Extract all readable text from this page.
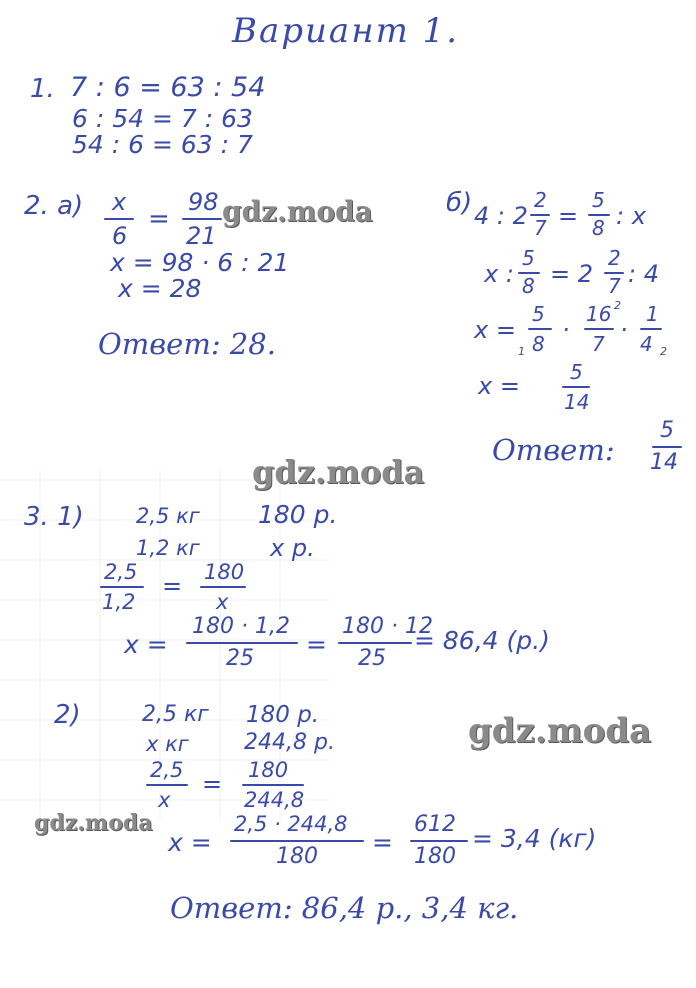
Вариант 1.
1. 7 : 6 = 63 : 54
6 : 54 = 7 : 63
54 : 6 = 63 : 7
2. а) x
6
=
98
21
x = 98 · 6 : 21
x = 28
Ответ: 28.
б) 4 : 2
2
7 =
5
8 : x
x :
5
8 = 2
2
7 : 4
x =
5
8
1
·
16 2
7 ·
1
4 2
x =	5
14
Ответ:
5
14
3. 1) 2,5 кг 180 р.
1,2 кг	x р.
2,5
1,2
= 180
x
x =
180 · 1,2
25 =
180 · 12
25
= 86,4 (р.)
2)	2,5 кг 180 р.
x кг	244,8 р.
2,5
x
= 180
244,8
x =
2,5 · 244,8
180 =
612
180
= 3,4 (кг)
Ответ: 86,4 р., 3,4 кг.
gdz.moda
gdz.moda
gdz.moda
gdz.moda
